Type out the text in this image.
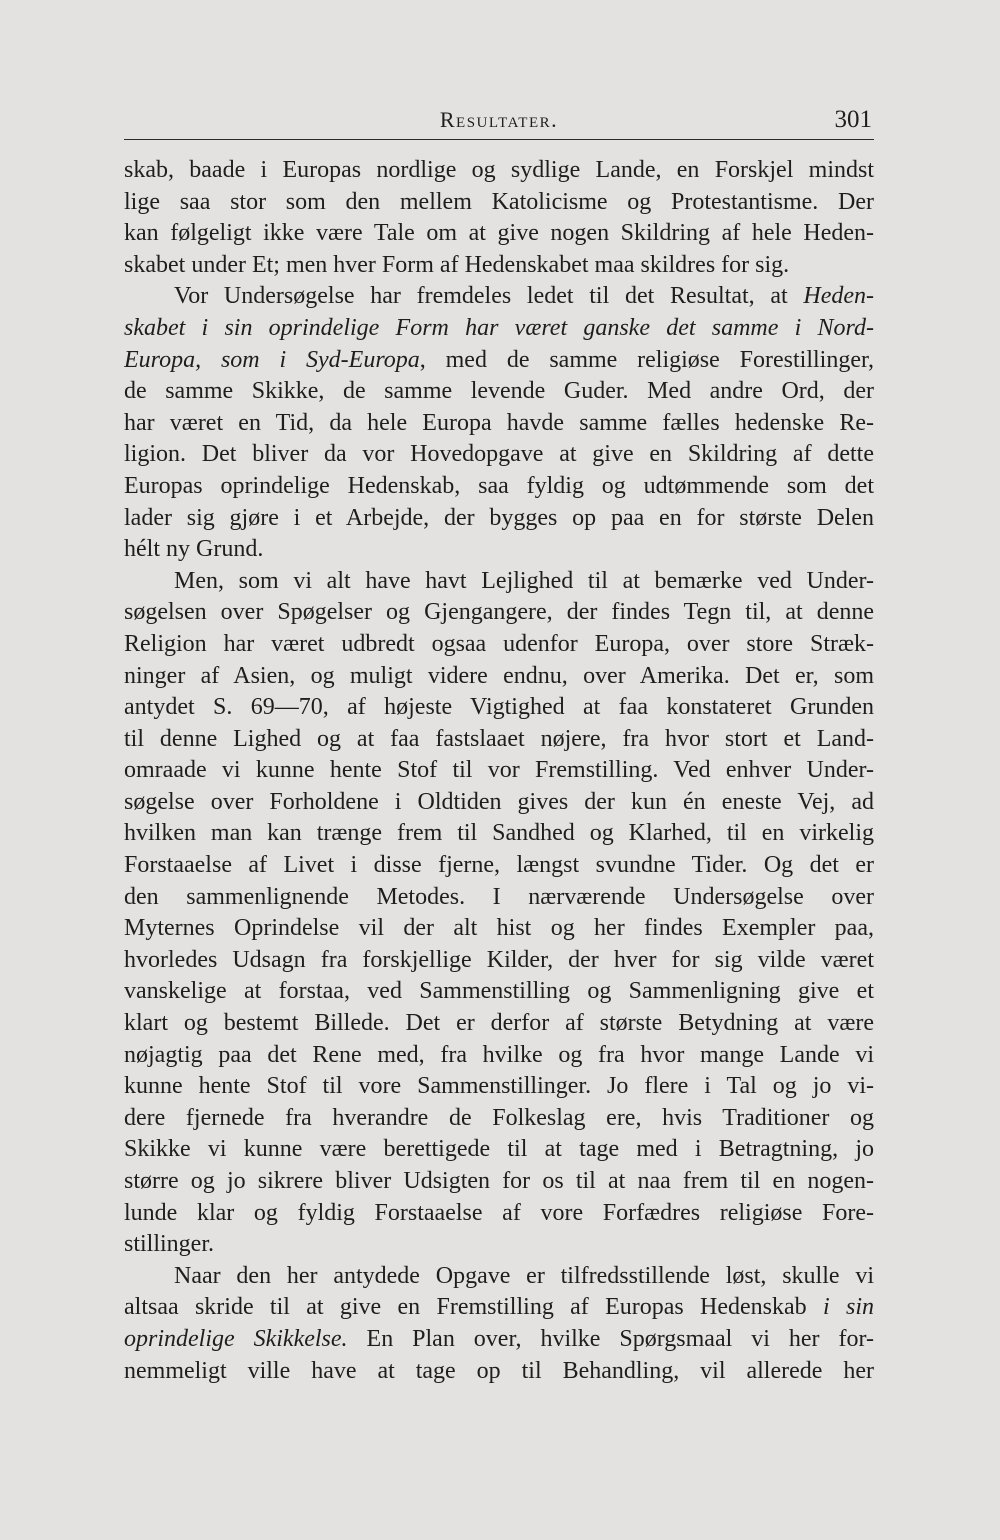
Resultater.	301
skab, baade i Europas nordlige og sydlige Lande, en Forskjel mindst
lige saa stor som den mellem Katolicisme og Protestantisme. Der
kan følgeligt ikke være Tale om at give nogen Skildring af hele Heden-
skabet under Et; men hver Form af Hedenskabet maa skildres for sig.
Vor Undersøgelse har fremdeles ledet til det Resultat, at Heden-
skabet i sin oprindelige Form har været ganske det samme i Nord-
Europa, som i Syd-Europa, med de samme religiøse Forestillinger,
de samme Skikke, de samme levende Guder. Med andre Ord, der
har været en Tid, da hele Europa havde samme fælles hedenske Re-
ligion. Det bliver da vor Hovedopgave at give en Skildring af dette
Europas oprindelige Hedenskab, saa fyldig og udtømmende som det
lader sig gjøre i et Arbejde, der bygges op paa en for største Delen
hélt ny Grund.
Men, som vi alt have havt Lejlighed til at bemærke ved Under-
søgelsen over Spøgelser og Gjengangere, der findes Tegn til, at denne
Religion har været udbredt ogsaa udenfor Europa, over store Stræk-
ninger af Asien, og muligt videre endnu, over Amerika. Det er, som
antydet S. 69—70, af højeste Vigtighed at faa konstateret Grunden
til denne Lighed og at faa fastslaaet nøjere, fra hvor stort et Land-
omraade vi kunne hente Stof til vor Fremstilling. Ved enhver Under-
søgelse over Forholdene i Oldtiden gives der kun én eneste Vej, ad
hvilken man kan trænge frem til Sandhed og Klarhed, til en virkelig
Forstaaelse af Livet i disse fjerne, længst svundne Tider. Og det er
den sammenlignende Metodes. I nærværende Undersøgelse over
Myternes Oprindelse vil der alt hist og her findes Exempler paa,
hvorledes Udsagn fra forskjellige Kilder, der hver for sig vilde været
vanskelige at forstaa, ved Sammenstilling og Sammenligning give et
klart og bestemt Billede. Det er derfor af største Betydning at være
nøjagtig paa det Rene med, fra hvilke og fra hvor mange Lande vi
kunne hente Stof til vore Sammenstillinger. Jo flere i Tal og jo vi-
dere fjernede fra hverandre de Folkeslag ere, hvis Traditioner og
Skikke vi kunne være berettigede til at tage med i Betragtning, jo
større og jo sikrere bliver Udsigten for os til at naa frem til en nogen-
lunde klar og fyldig Forstaaelse af vore Forfædres religiøse Fore-
stillinger.
Naar den her antydede Opgave er tilfredsstillende løst, skulle vi
altsaa skride til at give en Fremstilling af Europas Hedenskab i sin
oprindelige Skikkelse. En Plan over, hvilke Spørgsmaal vi her for-
nemmeligt ville have at tage op til Behandling, vil allerede her
